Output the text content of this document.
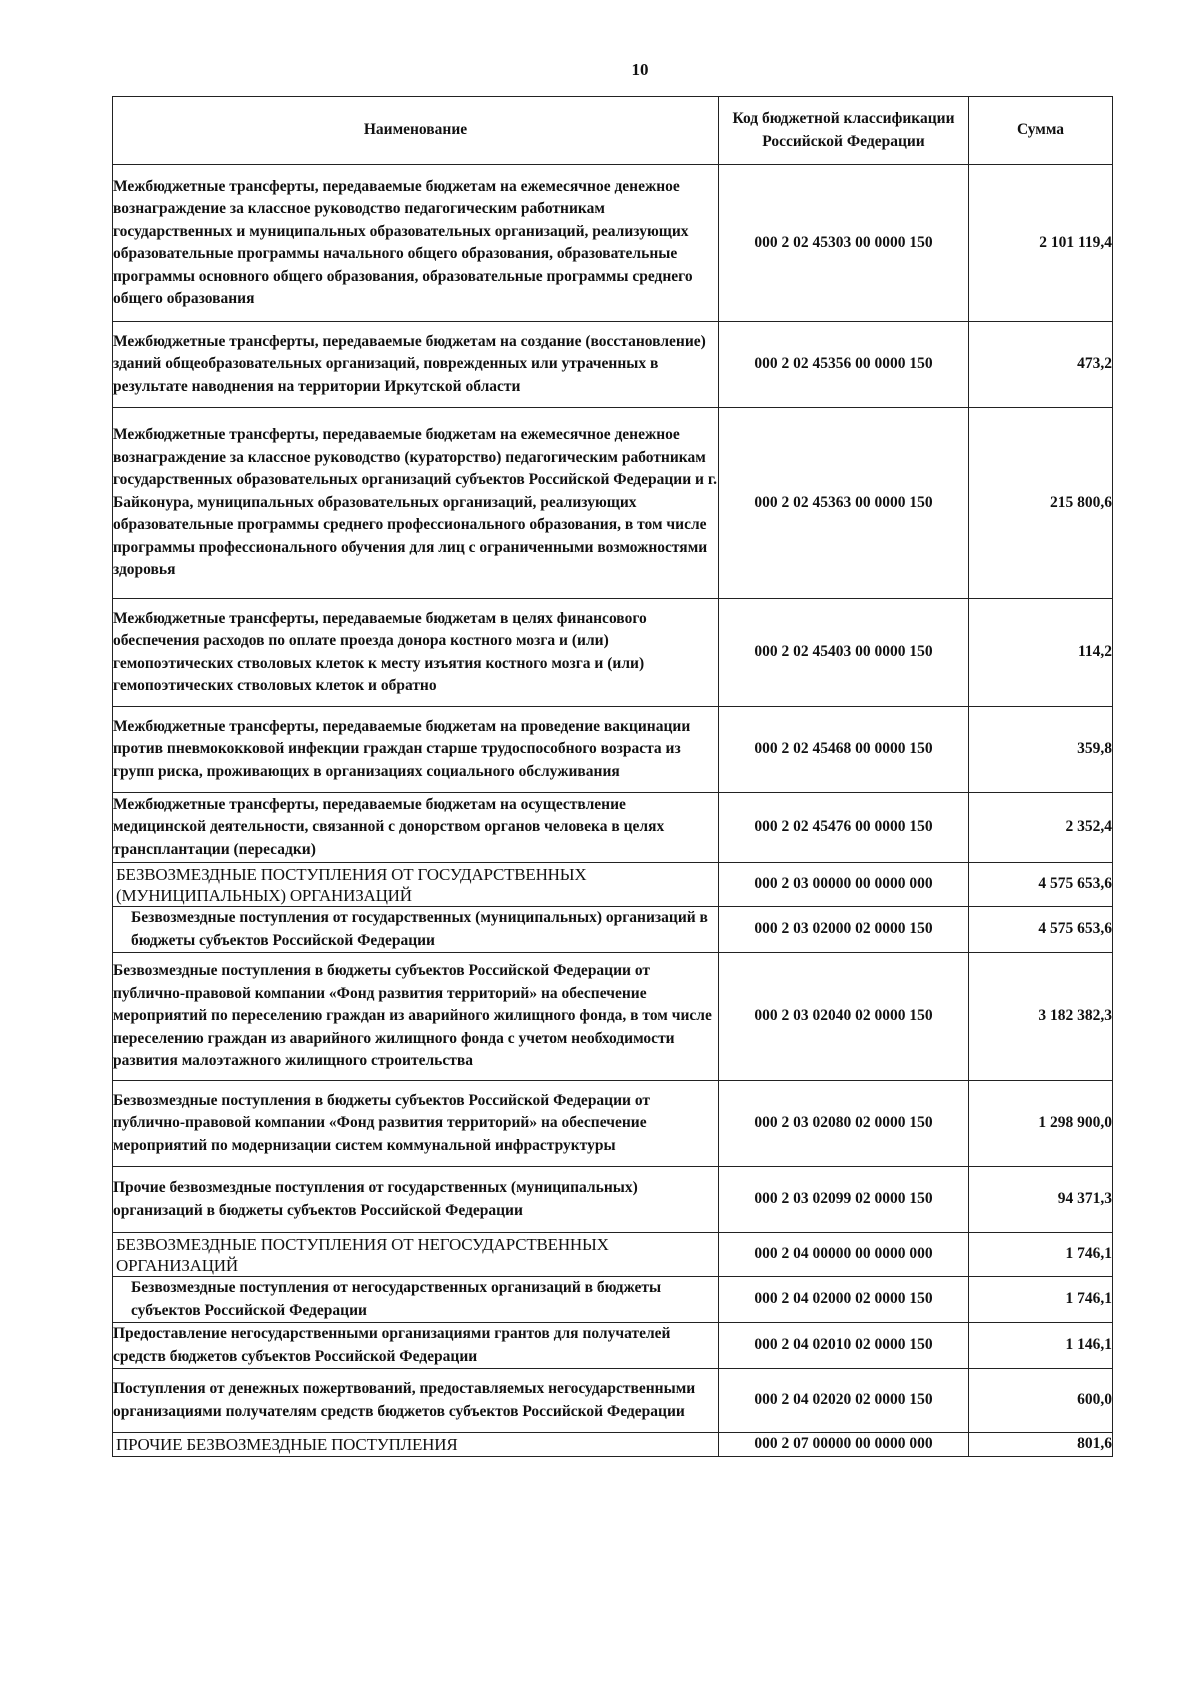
10
Наименование	Код бюджетной классификации Российской Федерации	Сумма
Межбюджетные трансферты, передаваемые бюджетам на ежемесячное денежное вознаграждение за классное руководство педагогическим работникам государственных и муниципальных образовательных организаций, реализующих образовательные программы начального общего образования, образовательные программы основного общего образования, образовательные программы среднего общего образования	000 2 02 45303 00 0000 150	2 101 119,4
Межбюджетные трансферты, передаваемые бюджетам на создание (восстановление) зданий общеобразовательных организаций, поврежденных или утраченных в результате наводнения на территории Иркутской области	000 2 02 45356 00 0000 150	473,2
Межбюджетные трансферты, передаваемые бюджетам на ежемесячное денежное вознаграждение за классное руководство (кураторство) педагогическим работникам государственных образовательных организаций субъектов Российской Федерации и г. Байконура, муниципальных образовательных организаций, реализующих образовательные программы среднего профессионального образования, в том числе программы профессионального обучения для лиц с ограниченными возможностями здоровья	000 2 02 45363 00 0000 150	215 800,6
Межбюджетные трансферты, передаваемые бюджетам в целях финансового обеспечения расходов по оплате проезда донора костного мозга и (или) гемопоэтических стволовых клеток к месту изъятия костного мозга и (или) гемопоэтических стволовых клеток и обратно	000 2 02 45403 00 0000 150	114,2
Межбюджетные трансферты, передаваемые бюджетам на проведение вакцинации против пневмококковой инфекции граждан старше трудоспособного возраста из групп риска, проживающих в организациях социального обслуживания	000 2 02 45468 00 0000 150	359,8
Межбюджетные трансферты, передаваемые бюджетам на осуществление медицинской деятельности, связанной с донорством органов человека в целях трансплантации (пересадки)	000 2 02 45476 00 0000 150	2 352,4
БЕЗВОЗМЕЗДНЫЕ ПОСТУПЛЕНИЯ ОТ ГОСУДАРСТВЕННЫХ (МУНИЦИПАЛЬНЫХ) ОРГАНИЗАЦИЙ	000 2 03 00000 00 0000 000	4 575 653,6
Безвозмездные поступления от государственных (муниципальных) организаций в бюджеты субъектов Российской Федерации	000 2 03 02000 02 0000 150	4 575 653,6
Безвозмездные поступления в бюджеты субъектов Российской Федерации от публично-правовой компании «Фонд развития территорий» на обеспечение мероприятий по переселению граждан из аварийного жилищного фонда, в том числе переселению граждан из аварийного жилищного фонда с учетом необходимости развития малоэтажного жилищного строительства	000 2 03 02040 02 0000 150	3 182 382,3
Безвозмездные поступления в бюджеты субъектов Российской Федерации от публично-правовой компании «Фонд развития территорий» на обеспечение мероприятий по модернизации систем коммунальной инфраструктуры	000 2 03 02080 02 0000 150	1 298 900,0
Прочие безвозмездные поступления от государственных (муниципальных) организаций в бюджеты субъектов Российской Федерации	000 2 03 02099 02 0000 150	94 371,3
БЕЗВОЗМЕЗДНЫЕ ПОСТУПЛЕНИЯ ОТ НЕГОСУДАРСТВЕННЫХ ОРГАНИЗАЦИЙ	000 2 04 00000 00 0000 000	1 746,1
Безвозмездные поступления от негосударственных организаций в бюджеты субъектов Российской Федерации	000 2 04 02000 02 0000 150	1 746,1
Предоставление негосударственными организациями грантов для получателей средств бюджетов субъектов Российской Федерации	000 2 04 02010 02 0000 150	1 146,1
Поступления от денежных пожертвований, предоставляемых негосударственными организациями получателям средств бюджетов субъектов Российской Федерации	000 2 04 02020 02 0000 150	600,0
ПРОЧИЕ БЕЗВОЗМЕЗДНЫЕ ПОСТУПЛЕНИЯ	000 2 07 00000 00 0000 000	801,6
